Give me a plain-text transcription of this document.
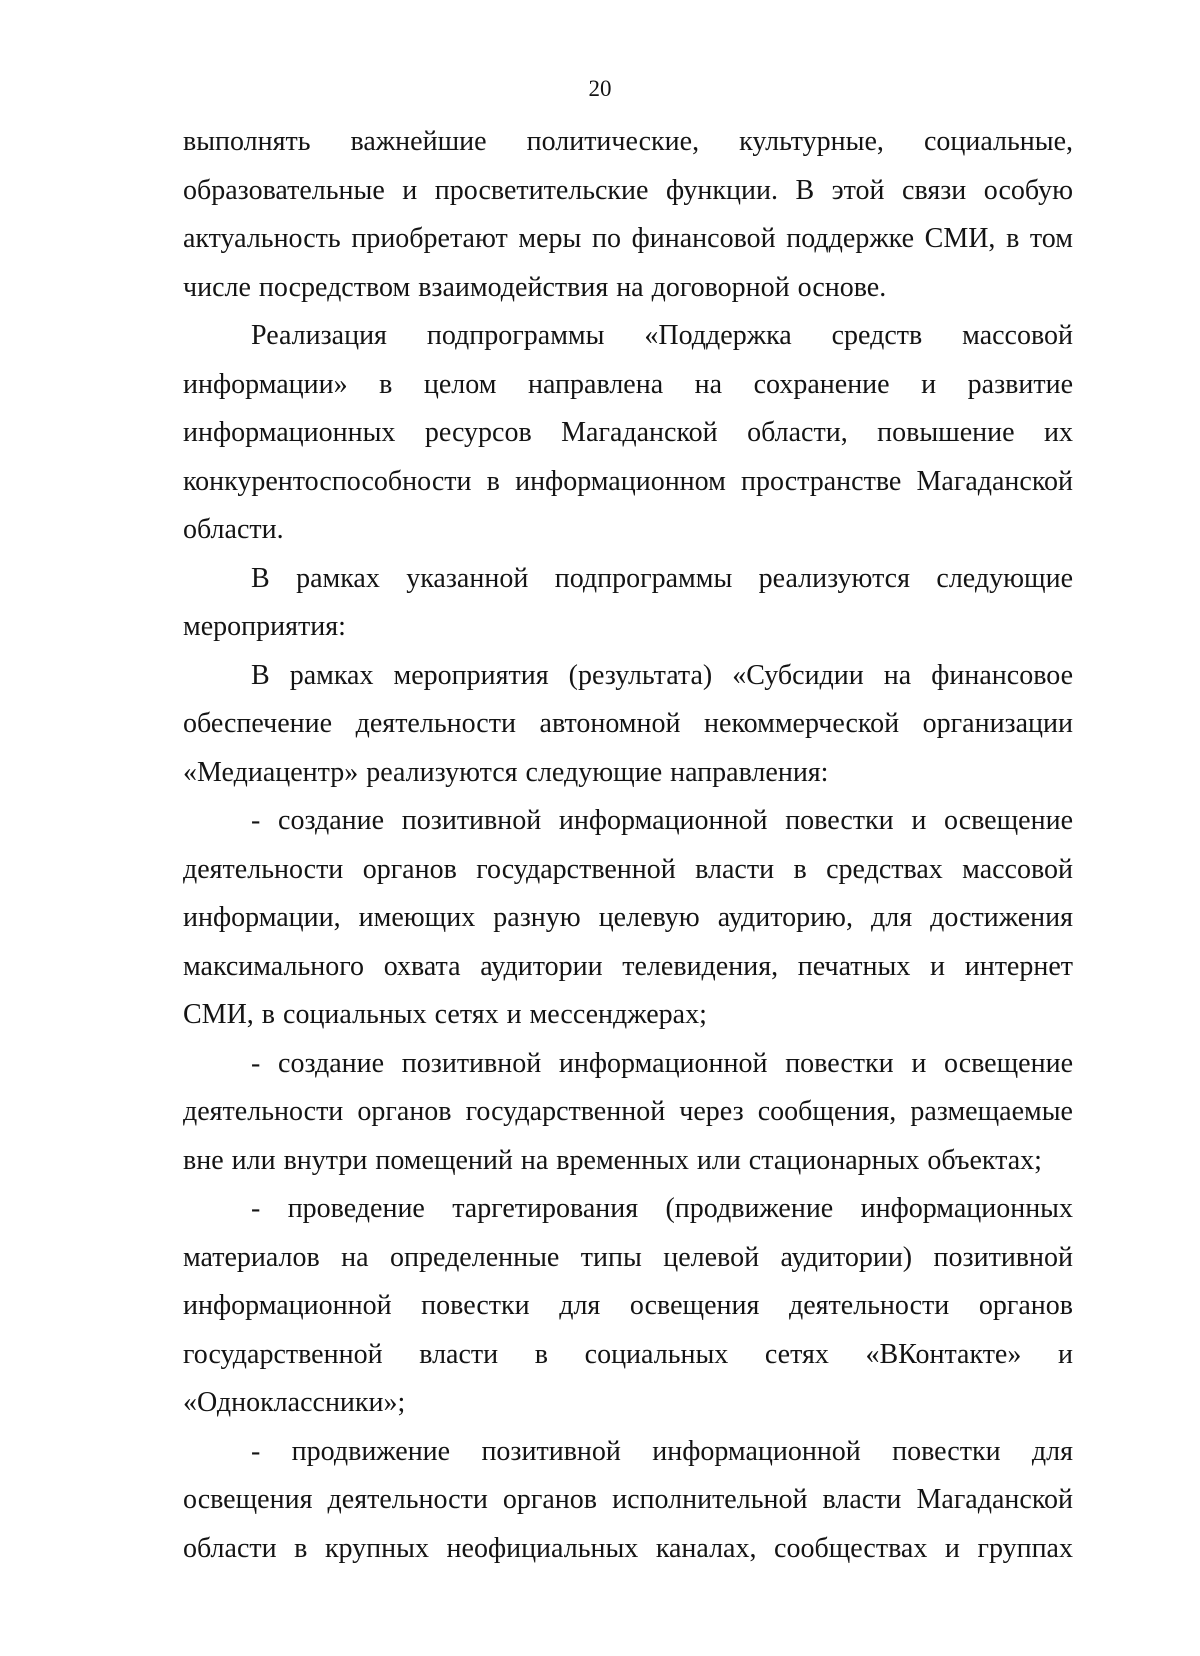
20

выполнять важнейшие политические, культурные, социальные, образовательные и просветительские функции. В этой связи особую актуальность приобретают меры по финансовой поддержке СМИ, в том числе посредством взаимодействия на договорной основе.

Реализация подпрограммы «Поддержка средств массовой информации» в целом направлена на сохранение и развитие информационных ресурсов Магаданской области, повышение их конкурентоспособности в информационном пространстве Магаданской области.

В рамках указанной подпрограммы реализуются следующие мероприятия:

В рамках мероприятия (результата) «Субсидии на финансовое обеспечение деятельности автономной некоммерческой организации «Медиацентр» реализуются следующие направления:

- создание позитивной информационной повестки и освещение деятельности органов государственной власти в средствах массовой информации, имеющих разную целевую аудиторию, для достижения максимального охвата аудитории телевидения, печатных и интернет СМИ, в социальных сетях и мессенджерах;

- создание позитивной информационной повестки и освещение деятельности органов государственной через сообщения, размещаемые вне или внутри помещений на временных или стационарных объектах;

- проведение таргетирования (продвижение информационных материалов на определенные типы целевой аудитории) позитивной информационной повестки для освещения деятельности органов государственной власти в социальных сетях «ВКонтакте» и «Одноклассники»;

- продвижение позитивной информационной повестки для освещения деятельности органов исполнительной власти Магаданской области в крупных неофициальных каналах, сообществах и группах
